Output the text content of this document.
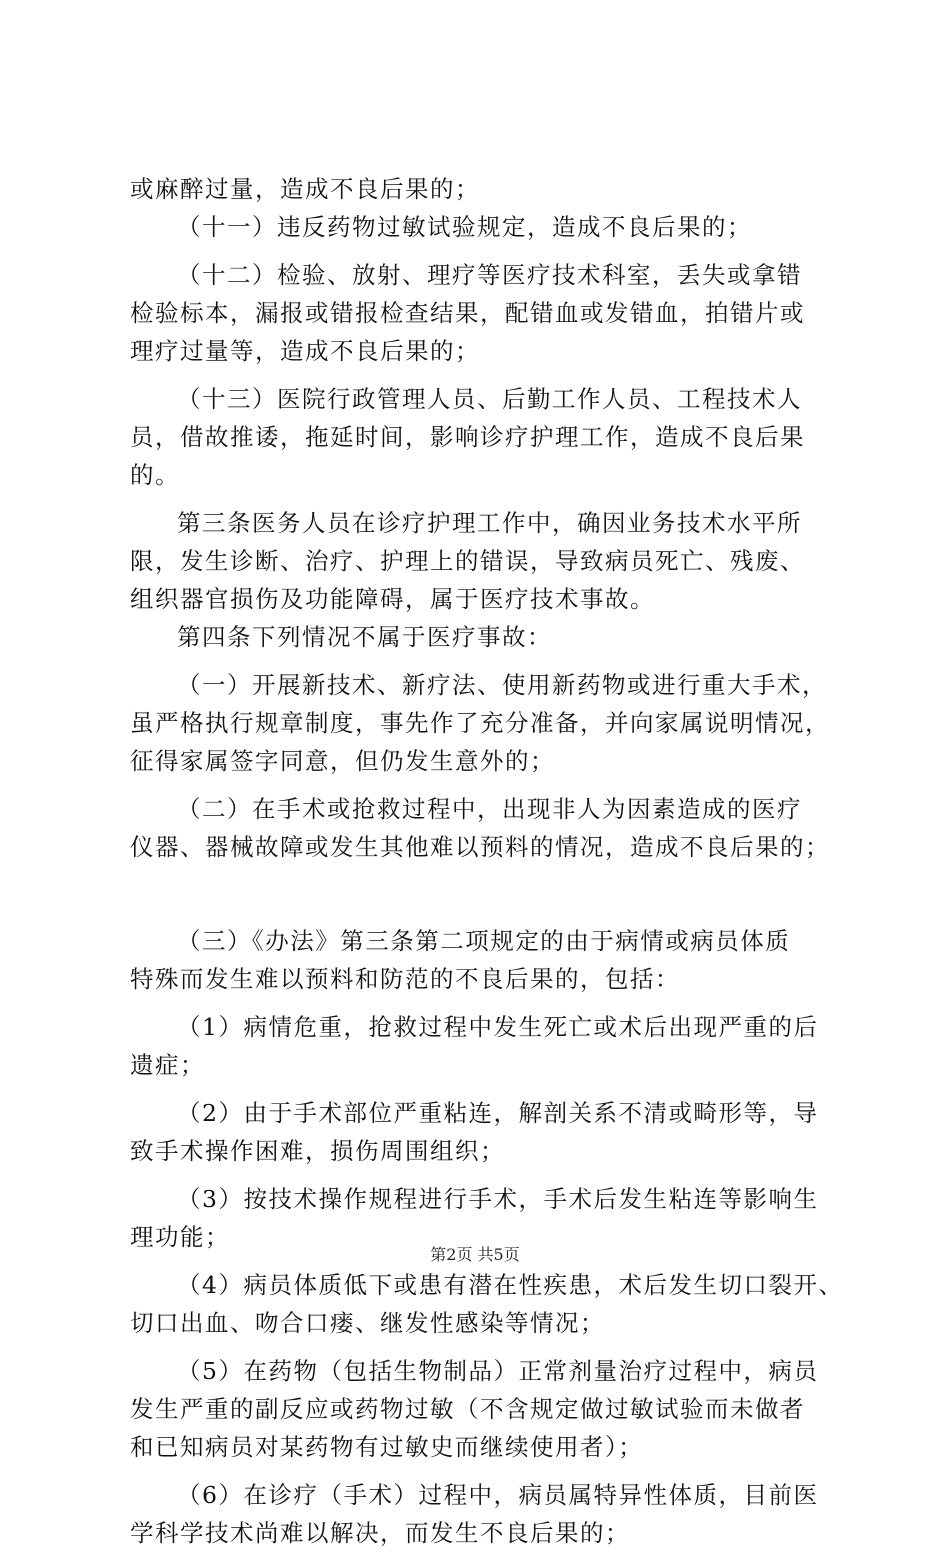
或麻醉过量，造成不良后果的；
（十一）违反药物过敏试验规定，造成不良后果的；
（十二）检验、放射、理疗等医疗技术科室，丢失或拿错
检验标本，漏报或错报检查结果，配错血或发错血，拍错片或
理疗过量等，造成不良后果的；
（十三）医院行政管理人员、后勤工作人员、工程技术人
员，借故推诿，拖延时间，影响诊疗护理工作，造成不良后果
的。
第三条医务人员在诊疗护理工作中，确因业务技术水平所
限，发生诊断、治疗、护理上的错误，导致病员死亡、残废、
组织器官损伤及功能障碍，属于医疗技术事故。
第四条下列情况不属于医疗事故：
（一）开展新技术、新疗法、使用新药物或进行重大手术，
虽严格执行规章制度，事先作了充分准备，并向家属说明情况，
征得家属签字同意，但仍发生意外的；
（二）在手术或抢救过程中，出现非人为因素造成的医疗
仪器、器械故障或发生其他难以预料的情况，造成不良后果的；
（三）《办法》第三条第二项规定的由于病情或病员体质
特殊而发生难以预料和防范的不良后果的，包括：
（1）病情危重，抢救过程中发生死亡或术后出现严重的后
遗症；
（2）由于手术部位严重粘连，解剖关系不清或畸形等，导
致手术操作困难，损伤周围组织；
（3）按技术操作规程进行手术，手术后发生粘连等影响生
理功能；
（4）病员体质低下或患有潜在性疾患，术后发生切口裂开、
切口出血、吻合口瘘、继发性感染等情况；
（5）在药物（包括生物制品）正常剂量治疗过程中，病员
发生严重的副反应或药物过敏（不含规定做过敏试验而未做者
和已知病员对某药物有过敏史而继续使用者）；
（6）在诊疗（手术）过程中，病员属特异性体质，目前医
学科学技术尚难以解决，而发生不良后果的；
第2页 共5页
